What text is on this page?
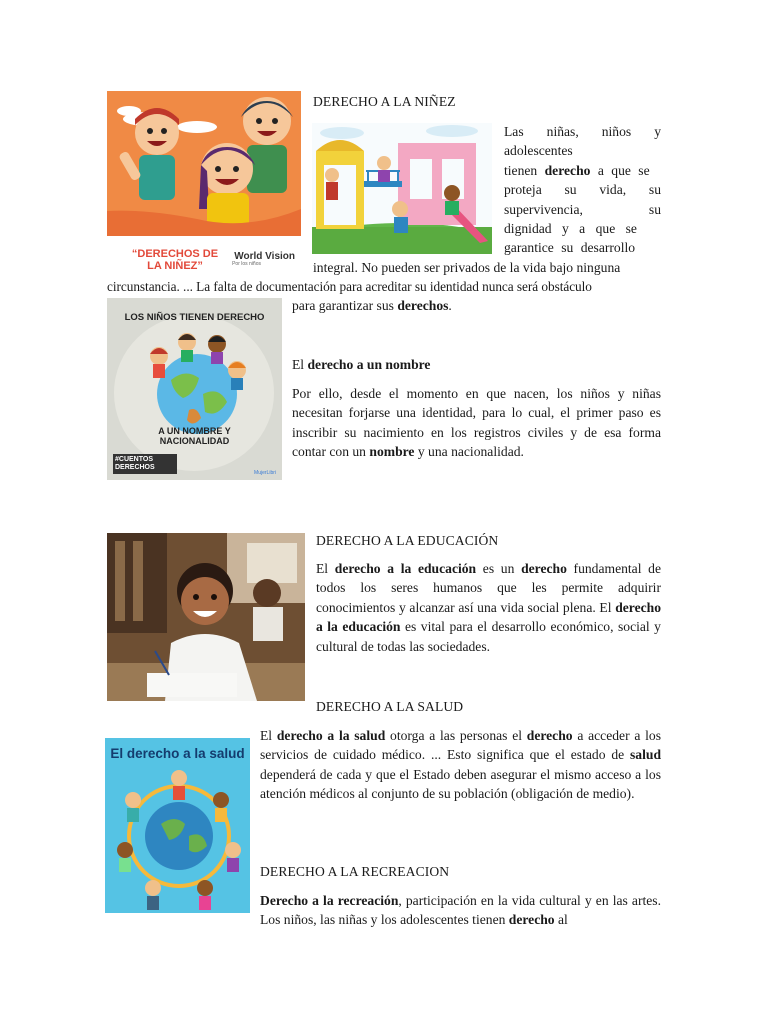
“DERECHOS DE
LA NIÑEZ”
World Vision
Por los niños
DERECHO A LA NIÑEZ
Las niñas, niños y
adolescentes
tienen derecho a que se
proteja su vida, su
supervivencia,	su
dignidad y a que se
garantice su desarrollo
integral. No pueden ser privados de la vida bajo ninguna
circunstancia. ... La falta de documentación para acreditar su identidad nunca será obstáculo
para garantizar sus derechos.
LOS NIÑOS TIENEN DERECHO
A UN NOMBRE Y
NACIONALIDAD
#CUENTOS
DERECHOS
MujerLibri
El derecho a un nombre
Por ello, desde el momento en que nacen, los niños y niñas necesitan forjarse una identidad, para lo cual, el primer paso es inscribir su nacimiento en los registros civiles y de esa forma contar con un nombre y una nacionalidad.
DERECHO A LA EDUCACIÓN
El derecho a la educación es un derecho fundamental de todos los seres humanos que les permite adquirir conocimientos y alcanzar así una vida social plena. El derecho a la educación es vital para el desarrollo económico, social y cultural de todas las sociedades.
DERECHO A LA SALUD
El derecho a la salud otorga a las personas el derecho a acceder a los servicios de cuidado médico. ... Esto significa que el estado de salud dependerá de cada y que el Estado deben asegurar el mismo acceso a los atención médicos al conjunto de su población (obligación de medio).
El derecho a la salud
DERECHO A LA RECREACION
Derecho a la recreación, participación en la vida cultural y en las artes. Los niños, las niñas y los adolescentes tienen derecho al
